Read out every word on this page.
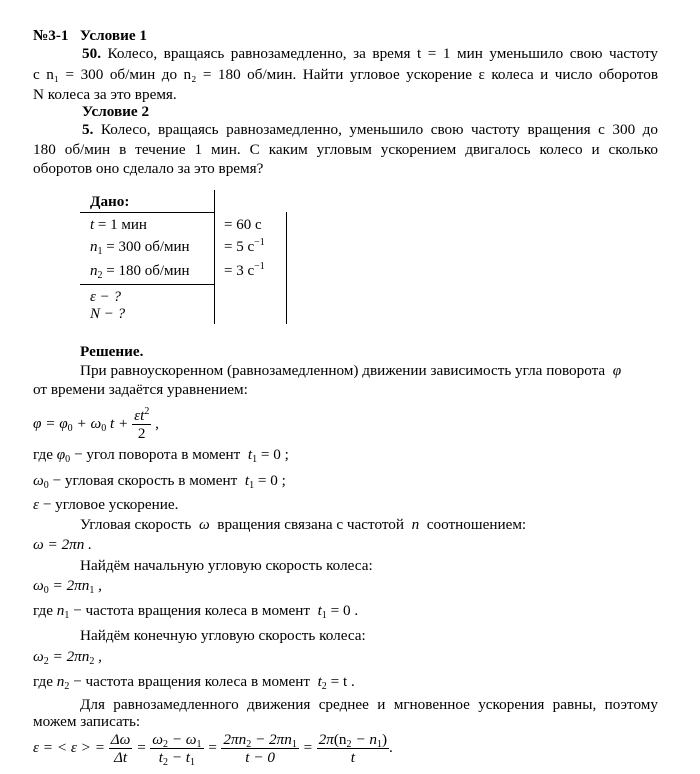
№3-1 Условие 1
50. Колесо, вращаясь равнозамедленно, за время t = 1 мин уменьшило свою частоту
с n₁ = 300 об/мин до n₂ = 180 об/мин. Найти угловое ускорение ε колеса и число оборотов
N колеса за это время.
Условие 2
5. Колесо, вращаясь равнозамедленно, уменьшило свою частоту вращения с 300 до
180 об/мин в течение 1 мин. С каким угловым ускорением двигалось колесо и сколько
оборотов оно сделало за это время?
Дано:
t = 1 мин	= 60 с
$n_1 = 300$ об/мин = 5 $с^{-1}$
$n_2 = 180$ об/мин = 3 $с^{-1}$
ε − ?
N − ?
Решение.
При равноускоренном (равнозамедленном) движении зависимость угла поворота φ
от времени задаётся уравнением:
$\varphi = \varphi_0 + \omega_0$ $t + \frac{\varepsilon t^2}{2}$ ,
где $\varphi_0$ − угол поворота в момент $t_1 = 0$ ;
$\omega_0$ − угловая скорость в момент $t_1 = 0$ ;
ε − угловое ускорение.
Угловая скорость ω вращения связана с частотой n соотношением:
ω = 2πn .
Найдём начальную угловую скорость колеса:
$\omega_0 = 2\pi n_1$ ,
где $n_1$ − частота вращения колеса в момент $t_1 = 0$ .
Найдём конечную угловую скорость колеса:
$\omega_2 = 2\pi n_2$ ,
где $n_2$ − частота вращения колеса в момент $t_2 = t$ .
Для равнозамедленного движения среднее и мгновенное ускорения равны, поэтому
можем записать:
ε = < ε > = $\frac{\Delta\omega}{\Delta t} = \frac{\omega_2 - \omega_1}{t_2 - t_1} = \frac{2\pi n_2 - 2\pi n_1}{t - 0} = \frac{2\pi(n_2 - n_1)}{t}$ .
